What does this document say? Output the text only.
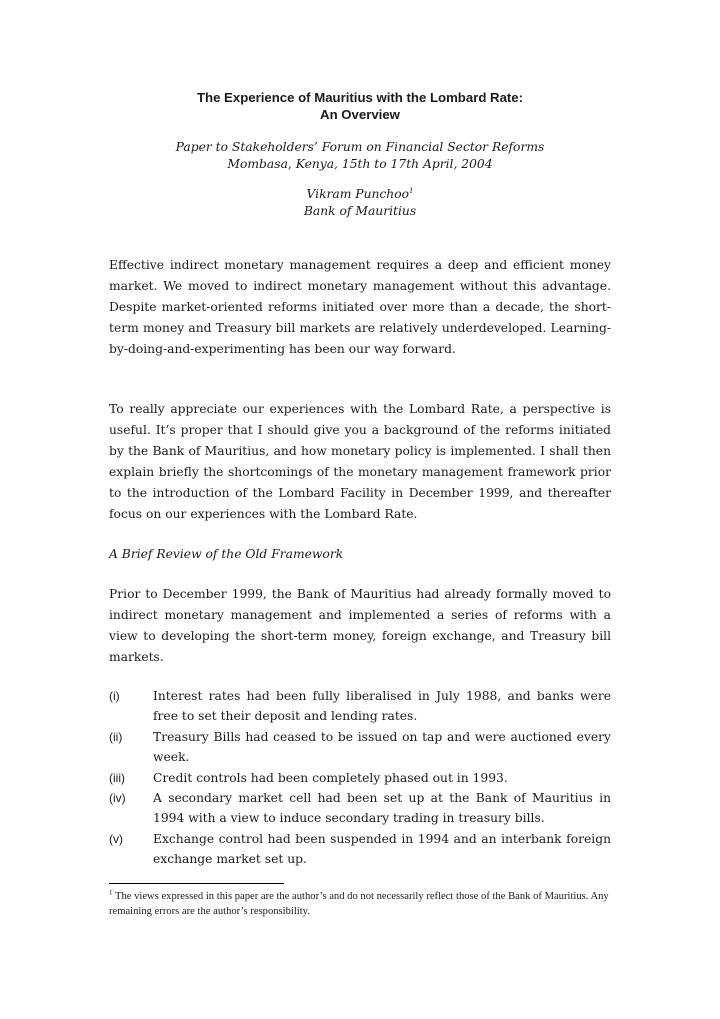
The Experience of Mauritius with the Lombard Rate:
An Overview
Paper to Stakeholders’ Forum on Financial Sector Reforms
Mombasa, Kenya, 15th to 17th April, 2004
Vikram Punchoo$^1$
Bank of Mauritius

Effective indirect monetary management requires a deep and efficient money market. We moved to indirect monetary management without this advantage. Despite market-oriented reforms initiated over more than a decade, the short-term money and Treasury bill markets are relatively underdeveloped. Learning-by-doing-and-experimenting has been our way forward.

To really appreciate our experiences with the Lombard Rate, a perspective is useful. It’s proper that I should give you a background of the reforms initiated by the Bank of Mauritius, and how monetary policy is implemented. I shall then explain briefly the shortcomings of the monetary management framework prior to the introduction of the Lombard Facility in December 1999, and thereafter focus on our experiences with the Lombard Rate.

A Brief Review of the Old Framework

Prior to December 1999, the Bank of Mauritius had already formally moved to indirect monetary management and implemented a series of reforms with a view to developing the short-term money, foreign exchange, and Treasury bill markets.

(i)	Interest rates had been fully liberalised in July 1988, and banks were free to set their deposit and lending rates.
(ii)	Treasury Bills had ceased to be issued on tap and were auctioned every week.
(iii)	Credit controls had been completely phased out in 1993.
(iv)	A secondary market cell had been set up at the Bank of Mauritius in 1994 with a view to induce secondary trading in treasury bills.
(v)	Exchange control had been suspended in 1994 and an interbank foreign exchange market set up.
$^1$ The views expressed in this paper are the author’s and do not necessarily reflect those of the Bank of Mauritius. Any remaining errors are the author’s responsibility.
